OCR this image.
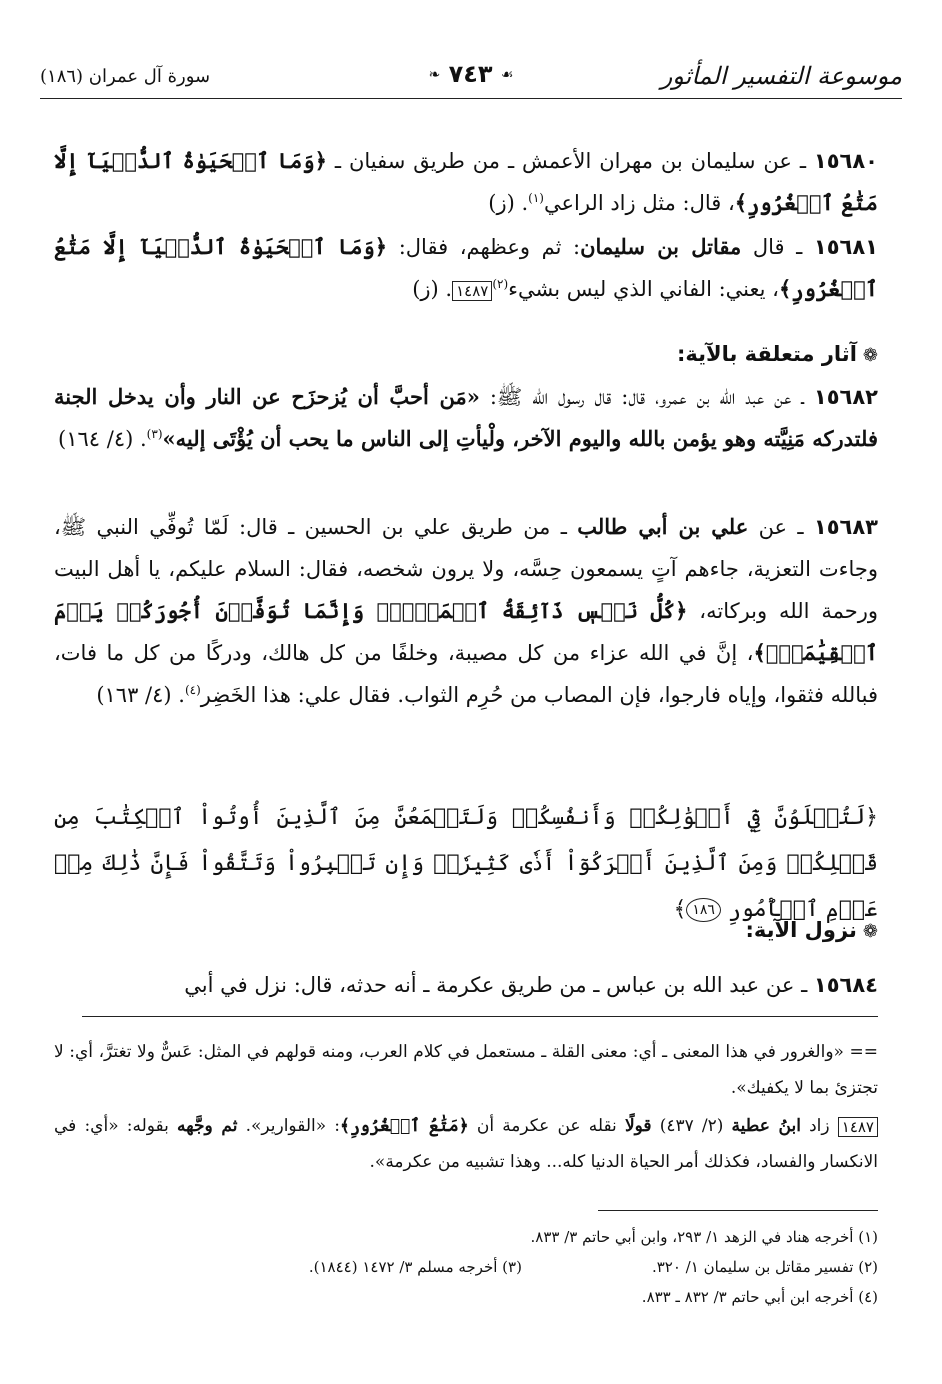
موسوعة التفسير المأثور
❧ ٧٤٣ ☙
سورة آل عمران (١٨٦)
١٥٦٨٠ ـ عن سليمان بن مهران الأعمش ـ من طريق سفيان ـ ﴿وَمَا ٱلۡحَيَوٰةُ ٱلدُّنۡيَآ إِلَّا مَتَٰعُ ٱلۡغُرُورِ﴾، قال: مثل زاد الراعي$^{(١)}$. (ز)
١٥٦٨١ ـ قال مقاتل بن سليمان: ثم وعظهم، فقال: ﴿وَمَا ٱلۡحَيَوٰةُ ٱلدُّنۡيَآ إِلَّا مَتَٰعُ ٱلۡغُرُورِ﴾، يعني: الفاني الذي ليس بشيء$^{(٢)}$١٤٨٧. (ز)
❁آثار متعلقة بالآية:
١٥٦٨٢ ـ عن عبد الله بن عمرو، قال: قال رسول الله ﷺ: «مَن أحبَّ أن يُزحزَح عن النار وأن يدخل الجنة فلتدركه مَنِيَّته وهو يؤمن بالله واليوم الآخر، ولْيأتِ إلى الناس ما يحب أن يُؤْتَى إليه»$^{(٣)}$. (٤/ ١٦٤)
١٥٦٨٣ ـ عن علي بن أبي طالب ـ من طريق علي بن الحسين ـ قال: لَمّا تُوفِّي النبي ﷺ، وجاءت التعزية، جاءهم آتٍ يسمعون حِسَّه، ولا يرون شخصه، فقال: السلام عليكم، يا أهل البيت ورحمة الله وبركاته، ﴿كُلُّ نَفۡسٖ ذَآئِقَةُ ٱلۡمَوۡتِۗ وَإِنَّمَا تُوَفَّوۡنَ أُجُورَكُمۡ يَوۡمَ ٱلۡقِيَٰمَةِۖ﴾، إنَّ في الله عزاء من كل مصيبة، وخلفًا من كل هالك، ودركًا من كل ما فات، فبالله فثقوا، وإياه فارجوا، فإن المصاب من حُرِم الثواب. فقال علي: هذا الخَضِر$^{(٤)}$. (٤/ ١٦٣)
﴿لَتُبۡلَوُنَّ فِيٓ أَمۡوَٰلِكُمۡ وَأَنفُسِكُمۡ وَلَتَسۡمَعُنَّ مِنَ ٱلَّذِينَ أُوتُواْ ٱلۡكِتَٰبَ مِن قَبۡلِكُمۡ وَمِنَ ٱلَّذِينَ أَشۡرَكُوٓاْ أَذٗى كَثِيرٗاۚ وَإِن تَصۡبِرُواْ وَتَتَّقُواْ فَإِنَّ ذَٰلِكَ مِنۡ عَزۡمِ ٱلۡأُمُورِ ١٨٦﴾
❁نزول الآية:
١٥٦٨٤ ـ عن عبد الله بن عباس ـ من طريق عكرمة ـ أنه حدثه، قال: نزل في أبي
== «والغرور في هذا المعنى ـ أي: معنى القلة ـ مستعمل في كلام العرب، ومنه قولهم في المثل: عَسٌّ ولا تغترَّ، أي: لا تجتزئ بما لا يكفيك».
١٤٨٧ زاد ابنُ عطية (٢/ ٤٣٧) قولًا نقله عن عكرمة أن ﴿مَتَٰعُ ٱلۡغُرُورِ﴾: «القوارير». ثم وجَّهه بقوله: «أي: في الانكسار والفساد، فكذلك أمر الحياة الدنيا كله... وهذا تشبيه من عكرمة».
(١) أخرجه هناد في الزهد ١/ ٢٩٣، وابن أبي حاتم ٣/ ٨٣٣.
(٢) تفسير مقاتل بن سليمان ١/ ٣٢٠.
(٣) أخرجه مسلم ٣/ ١٤٧٢ (١٨٤٤).
(٤) أخرجه ابن أبي حاتم ٣/ ٨٣٢ ـ ٨٣٣.
